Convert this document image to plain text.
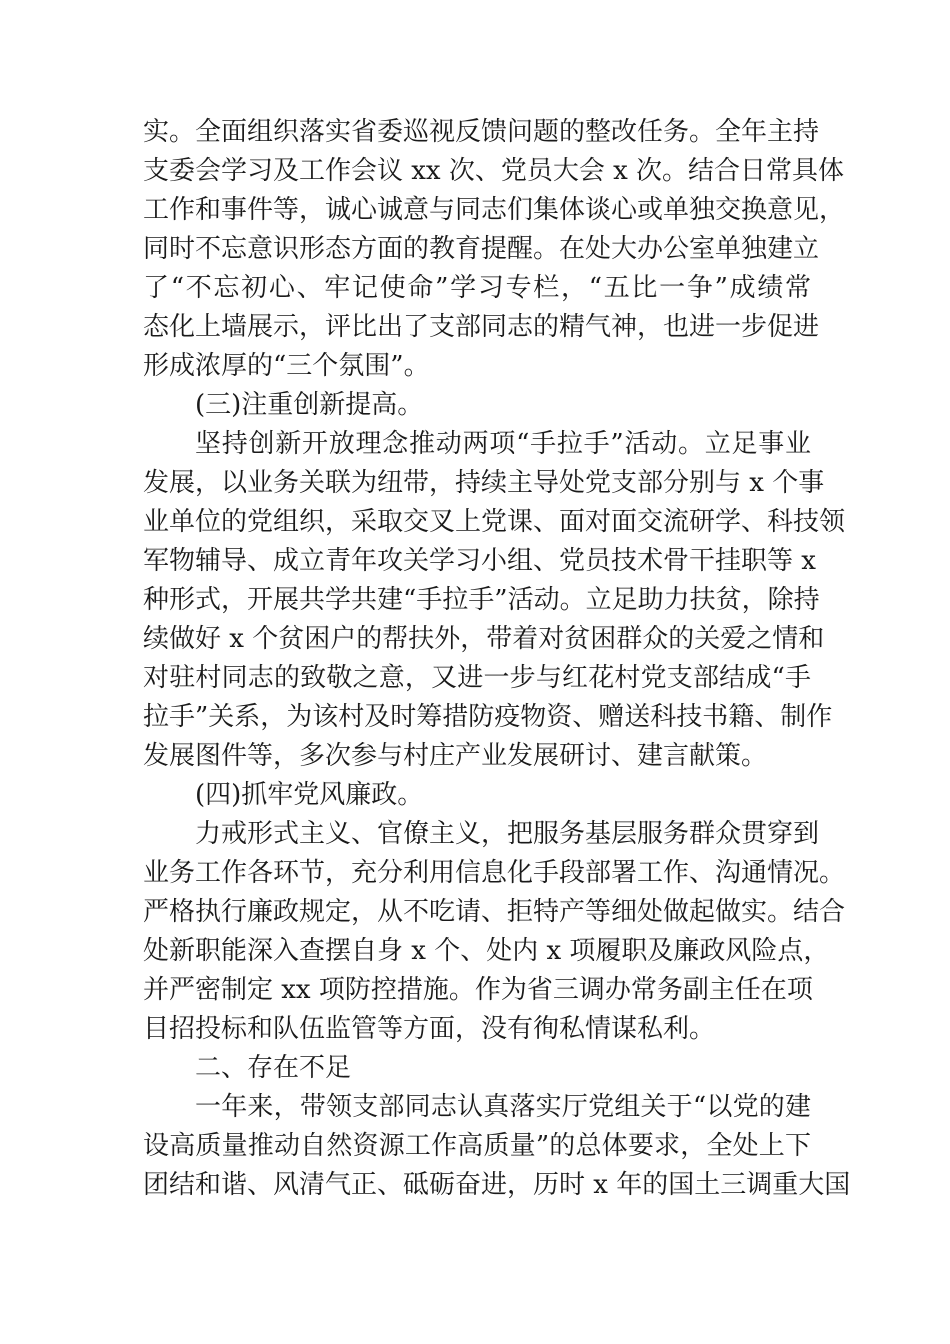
实。全面组织落实省委巡视反馈问题的整改任务。全年主持
支委会学习及工作会议 xx 次、党员大会 x 次。结合日常具体
工作和事件等，诚心诚意与同志们集体谈心或单独交换意见，
同时不忘意识形态方面的教育提醒。在处大办公室单独建立
了“不忘初心、牢记使命”学习专栏，“五比一争”成绩常
态化上墙展示，评比出了支部同志的精气神，也进一步促进
形成浓厚的“三个氛围”。
(三)注重创新提高。
坚持创新开放理念推动两项“手拉手”活动。立足事业
发展，以业务关联为纽带，持续主导处党支部分别与 x 个事
业单位的党组织，采取交叉上党课、面对面交流研学、科技领
军物辅导、成立青年攻关学习小组、党员技术骨干挂职等 x
种形式，开展共学共建“手拉手”活动。立足助力扶贫，除持
续做好 x 个贫困户的帮扶外，带着对贫困群众的关爱之情和
对驻村同志的致敬之意，又进一步与红花村党支部结成“手
拉手”关系，为该村及时筹措防疫物资、赠送科技书籍、制作
发展图件等，多次参与村庄产业发展研讨、建言献策。
(四)抓牢党风廉政。
力戒形式主义、官僚主义，把服务基层服务群众贯穿到
业务工作各环节，充分利用信息化手段部署工作、沟通情况。
严格执行廉政规定，从不吃请、拒特产等细处做起做实。结合
处新职能深入查摆自身 x 个、处内 x 项履职及廉政风险点，
并严密制定 xx 项防控措施。作为省三调办常务副主任在项
目招投标和队伍监管等方面，没有徇私情谋私利。
二、存在不足
一年来，带领支部同志认真落实厅党组关于“以党的建
设高质量推动自然资源工作高质量”的总体要求，全处上下
团结和谐、风清气正、砥砺奋进，历时 x 年的国土三调重大国
